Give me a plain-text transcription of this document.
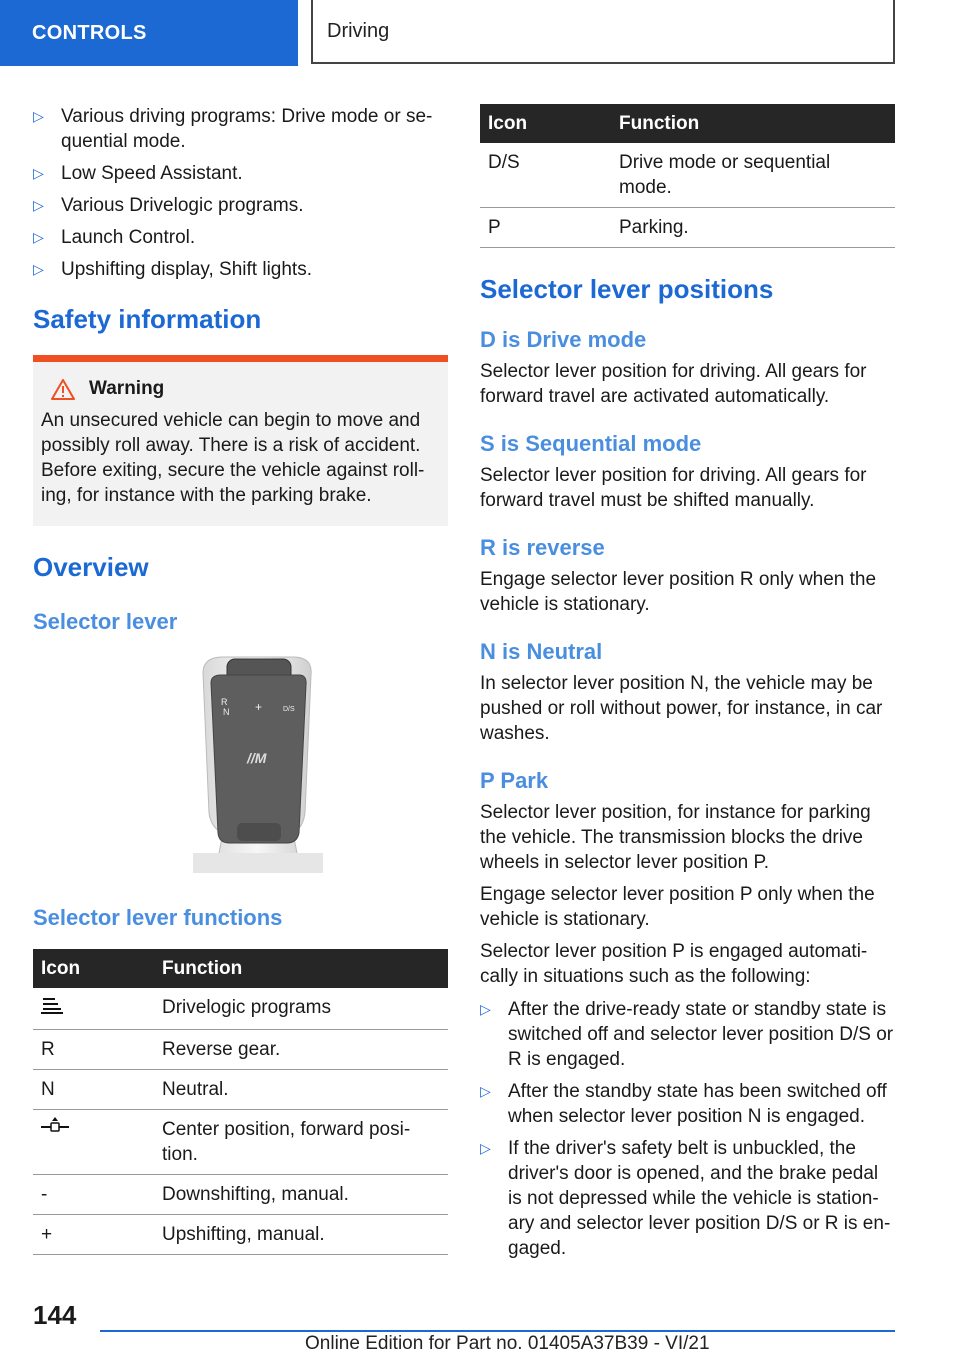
CONTROLS	Driving
▷ Various driving programs: Drive mode or se-quential mode.
▷ Low Speed Assistant.
▷ Various Drivelogic programs.
▷ Launch Control.
▷ Upshifting display, Shift lights.
Safety information
Warning

An unsecured vehicle can begin to move and possibly roll away. There is a risk of accident. Before exiting, secure the vehicle against roll-ing, for instance with the parking brake.

Overview
Selector lever
R
N +	D/S
//M
Selector lever functions
Icon	Function
	Drivelogic programs
R	Reverse gear.
N	Neutral.
	Center position, forward posi-tion.
-	Downshifting, manual.
+	Upshifting, manual.
Icon	Function
D/S	Drive mode or sequential mode.
P	Parking.
Selector lever positions
D is Drive mode

Selector lever position for driving. All gears for forward travel are activated automatically.

S is Sequential mode

Selector lever position for driving. All gears for forward travel must be shifted manually.

R is reverse

Engage selector lever position R only when the vehicle is stationary.

N is Neutral

In selector lever position N, the vehicle may be pushed or roll without power, for instance, in car washes.

P Park

Selector lever position, for instance for parking the vehicle. The transmission blocks the drive wheels in selector lever position P.

Engage selector lever position P only when the vehicle is stationary.

Selector lever position P is engaged automati-cally in situations such as the following:

▷ After the drive-ready state or standby state is switched off and selector lever position D/S or R is engaged.
▷ After the standby state has been switched off when selector lever position N is engaged.
▷ If the driver's safety belt is unbuckled, the driver's door is opened, and the brake pedal is not depressed while the vehicle is station-ary and selector lever position D/S or R is en-gaged.
144
Online Edition for Part no. 01405A37B39 - VI/21
